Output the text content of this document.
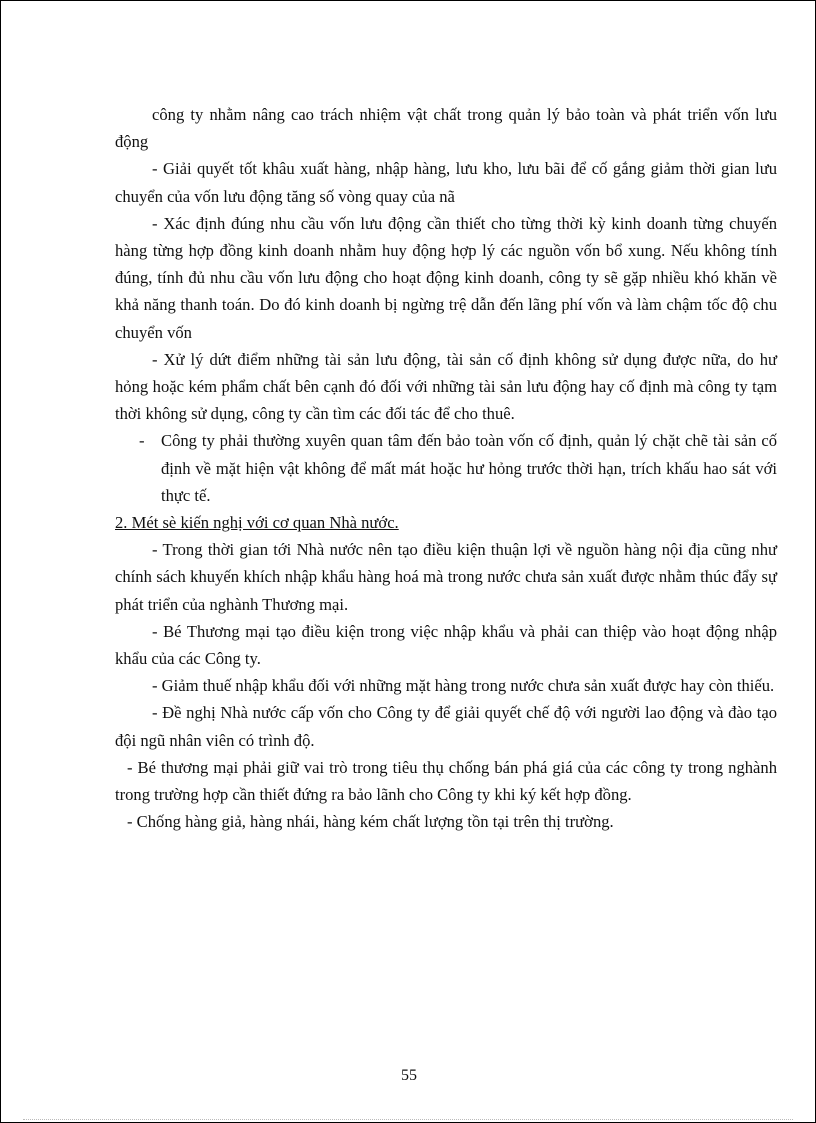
công ty nhằm nâng cao trách nhiệm vật chất trong quản lý bảo toàn và phát triển vốn lưu động

- Giải quyết tốt khâu xuất hàng, nhập hàng, lưu kho, lưu bãi để cố gắng giảm thời gian lưu chuyển của vốn lưu động tăng số vòng quay của nã

- Xác định đúng nhu cầu vốn lưu động cần thiết cho từng thời kỳ kinh doanh từng chuyến hàng từng hợp đồng kinh doanh nhằm huy động hợp lý các nguồn vốn bổ xung. Nếu không tính đúng, tính đủ nhu cầu vốn lưu động cho hoạt động kinh doanh, công ty sẽ gặp nhiều khó khăn về khả năng thanh toán. Do đó kinh doanh bị ngừng trệ dẫn đến lãng phí vốn và làm chậm tốc độ chu chuyển vốn

- Xử lý dứt điểm những tài sản lưu động, tài sản cố định không sử dụng được nữa, do hư hỏng hoặc kém phẩm chất bên cạnh đó đối với những tài sản lưu động hay cố định mà công ty tạm thời không sử dụng, công ty cần tìm các đối tác để cho thuê.

- Công ty phải thường xuyên quan tâm đến bảo toàn vốn cố định, quản lý chặt chẽ tài sản cố định về mặt hiện vật không để mất mát hoặc hư hỏng trước thời hạn, trích khấu hao sát với thực tế.

2. Mét sè kiến nghị với cơ quan Nhà nước.

- Trong thời gian tới Nhà nước nên tạo điều kiện thuận lợi về nguồn hàng nội địa cũng như chính sách khuyến khích nhập khẩu hàng hoá mà trong nước chưa sản xuất được nhằm thúc đẩy sự phát triển của nghành Thương mại.

- Bé Thương mại tạo điều kiện trong việc nhập khẩu và phải can thiệp vào hoạt động nhập khẩu của các Công ty.

- Giảm thuế nhập khẩu đối với những mặt hàng trong nước chưa sản xuất được hay còn thiếu.

- Đề nghị Nhà nước cấp vốn cho Công ty để giải quyết chế độ với người lao động và đào tạo đội ngũ nhân viên có trình độ.

- Bé thương mại phải giữ vai trò trong tiêu thụ chống bán phá giá của các công ty trong nghành trong trường hợp cần thiết đứng ra bảo lãnh cho Công ty khi ký kết hợp đồng.

- Chống hàng giả, hàng nhái, hàng kém chất lượng tồn tại trên thị trường.

55
